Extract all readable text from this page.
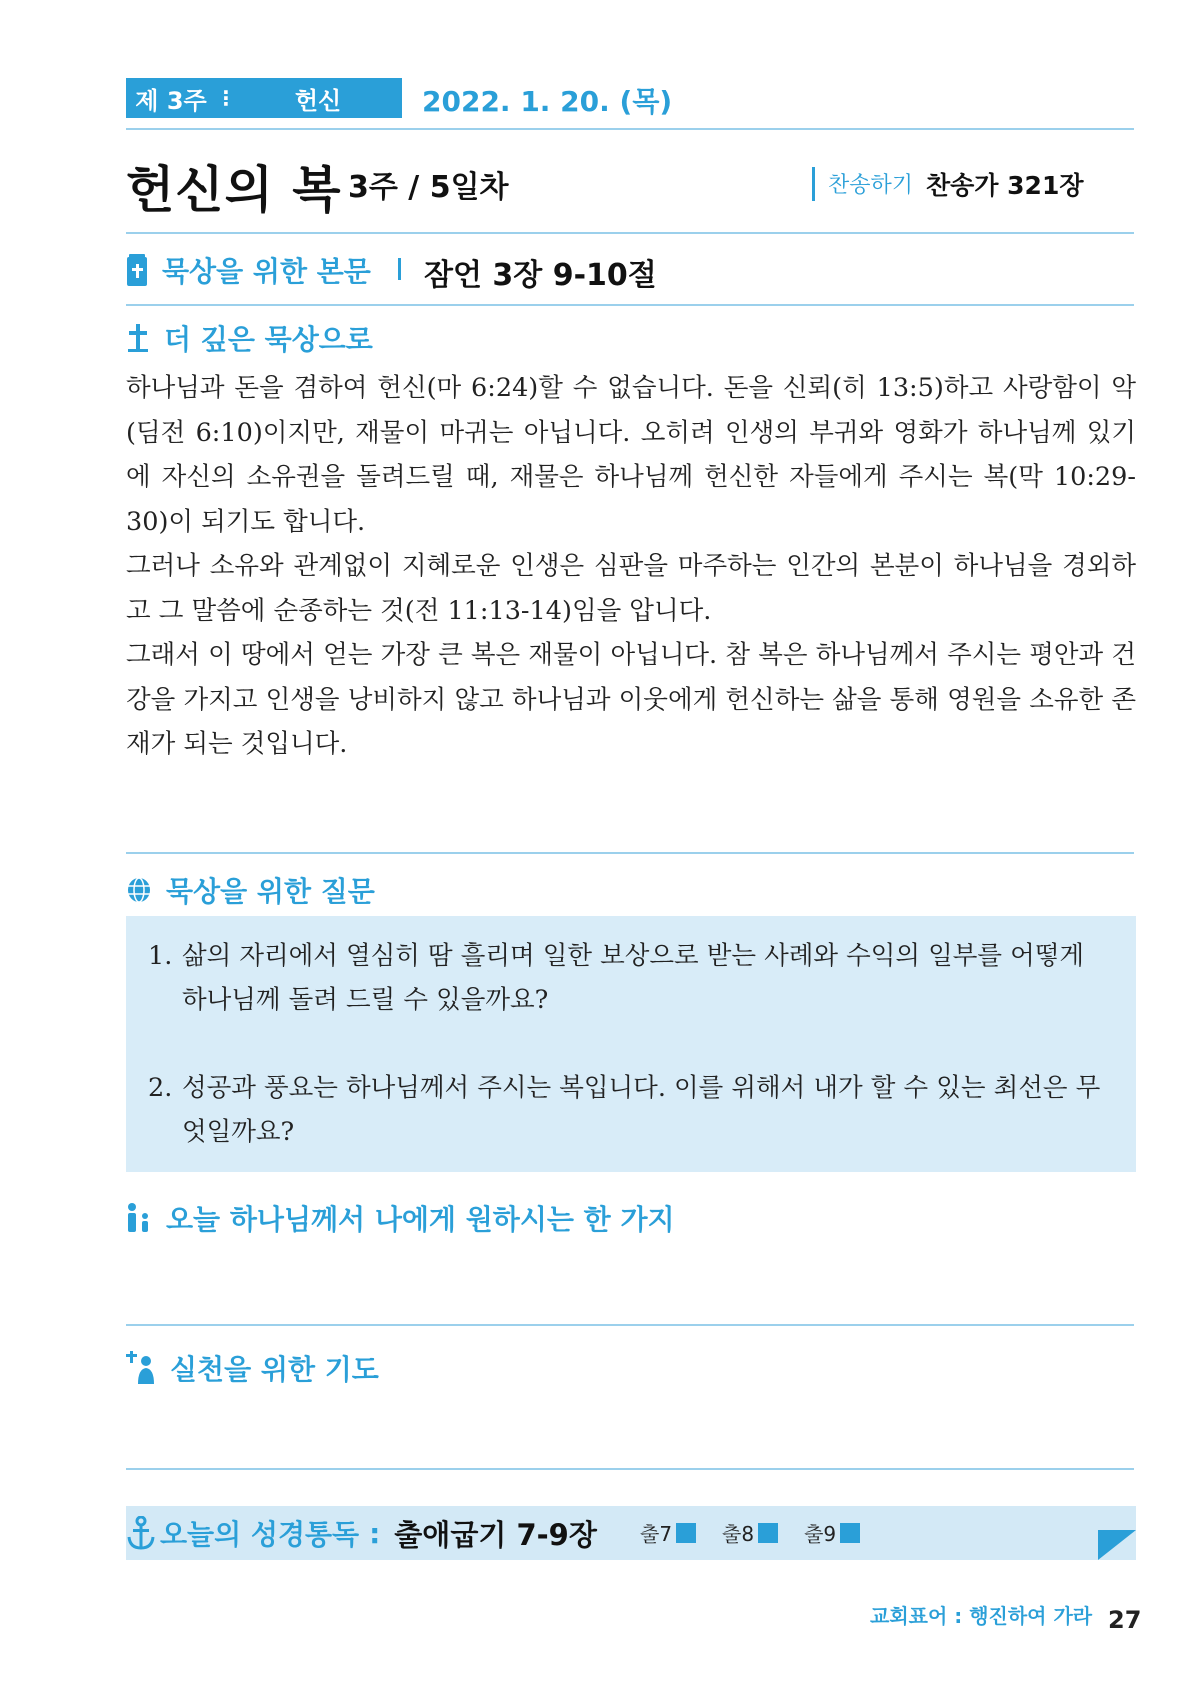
제 3주 ⋮	헌신	2022. 1. 20. (목)
헌신의 복 3주 / 5일차	찬송하기 찬송가 321장
묵상을 위한 본문 잠언 3장 9-10절
더 깊은 묵상으로

하나님과 돈을 겸하여 헌신(마 6:24)할 수 없습니다. 돈을 신뢰(히 13:5)하고 사랑함이 악(딤전 6:10)이지만, 재물이 마귀는 아닙니다. 오히려 인생의 부귀와 영화가 하나님께 있기에 자신의 소유권을 돌려드릴 때, 재물은 하나님께 헌신한 자들에게 주시는 복(막 10:29-30)이 되기도 합니다.

그러나 소유와 관계없이 지혜로운 인생은 심판을 마주하는 인간의 본분이 하나님을 경외하고 그 말씀에 순종하는 것(전 11:13-14)임을 압니다.

그래서 이 땅에서 얻는 가장 큰 복은 재물이 아닙니다. 참 복은 하나님께서 주시는 평안과 건강을 가지고 인생을 낭비하지 않고 하나님과 이웃에게 헌신하는 삶을 통해 영원을 소유한 존재가 되는 것입니다.

묵상을 위한 질문
1. 삶의 자리에서 열심히 땀 흘리며 일한 보상으로 받는 사례와 수익의 일부를 어떻게 하나님께 돌려 드릴 수 있을까요?
2. 성공과 풍요는 하나님께서 주시는 복입니다. 이를 위해서 내가 할 수 있는 최선은 무엇일까요?
오늘 하나님께서 나에게 원하시는 한 가지
실천을 위한 기도
오늘의 성경통독 : 출애굽기 7-9장 출7	출8	출9
교회표어 : 행진하여 가라 27
